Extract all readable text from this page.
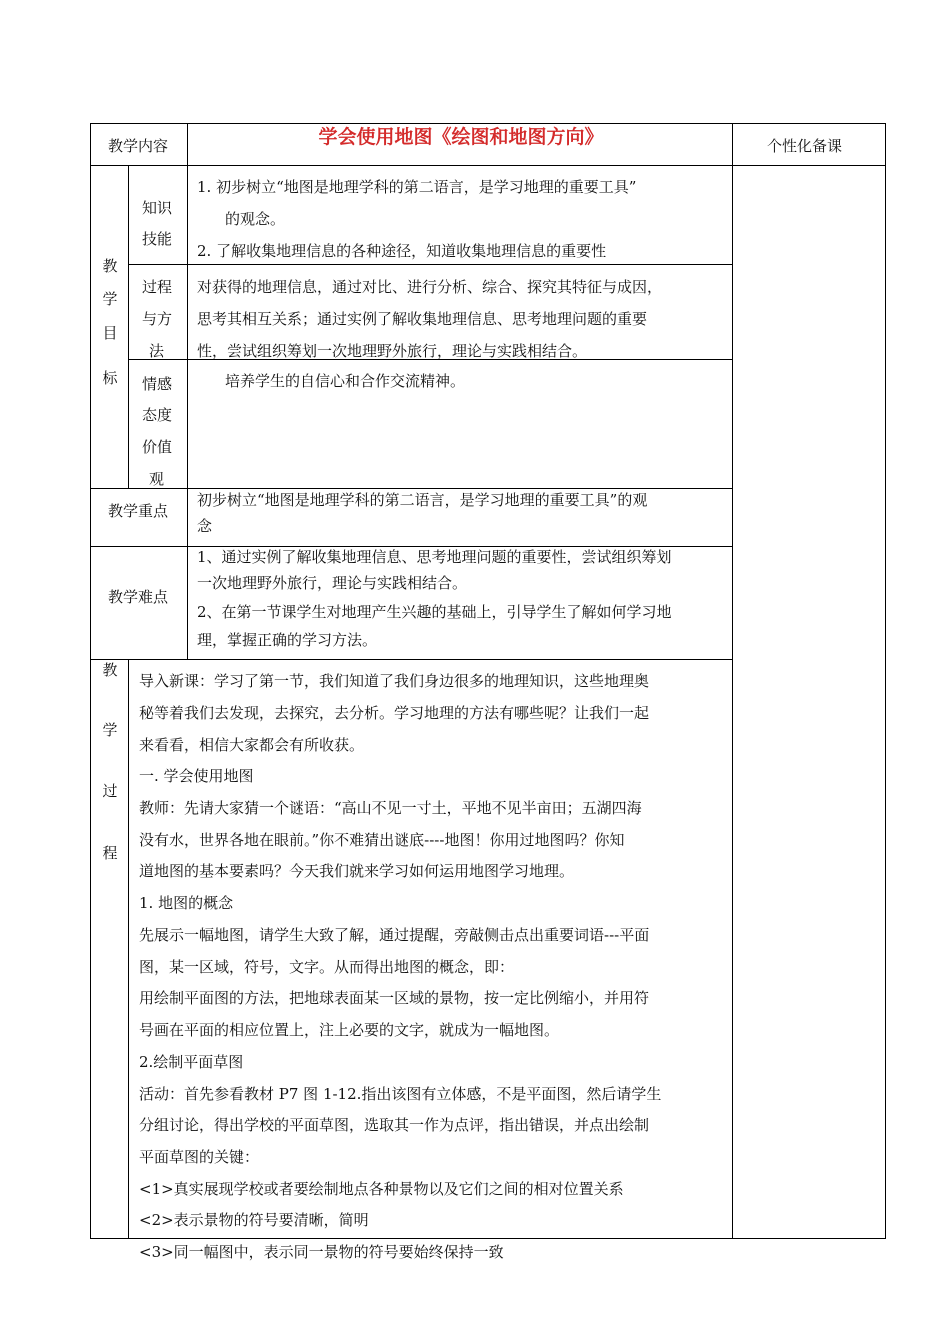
教学内容	学会使用地图《绘图和地图方向》	个性化备课
教
学
目
标
知识
技能
1. 初步树立“地图是地理学科的第二语言，是学习地理的重要工具”
的观念。
2. 了解收集地理信息的各种途径，知道收集地理信息的重要性
过程
与方
法
对获得的地理信息，通过对比、进行分析、综合、探究其特征与成因，
思考其相互关系；通过实例了解收集地理信息、思考地理问题的重要
性，尝试组织筹划一次地理野外旅行，理论与实践相结合。
情感
态度
价值
观
培养学生的自信心和合作交流精神。
教学重点
初步树立“地图是地理学科的第二语言，是学习地理的重要工具”的观
念
教学难点
1、通过实例了解收集地理信息、思考地理问题的重要性，尝试组织筹划
一次地理野外旅行，理论与实践相结合。
2、在第一节课学生对地理产生兴趣的基础上，引导学生了解如何学习地
理，掌握正确的学习方法。
教
学
过
程
导入新课：学习了第一节，我们知道了我们身边很多的地理知识，这些地理奥
秘等着我们去发现，去探究，去分析。学习地理的方法有哪些呢？让我们一起
来看看，相信大家都会有所收获。
一. 学会使用地图
教师：先请大家猜一个谜语：“高山不见一寸土，平地不见半亩田；五湖四海
没有水，世界各地在眼前。”你不难猜出谜底----地图！你用过地图吗？你知
道地图的基本要素吗？今天我们就来学习如何运用地图学习地理。
1. 地图的概念
先展示一幅地图，请学生大致了解，通过提醒，旁敲侧击点出重要词语---平面
图，某一区域，符号，文字。从而得出地图的概念，即：
用绘制平面图的方法，把地球表面某一区域的景物，按一定比例缩小，并用符
号画在平面的相应位置上，注上必要的文字，就成为一幅地图。
2.绘制平面草图
活动：首先参看教材 P7 图 1-12.指出该图有立体感，不是平面图，然后请学生
分组讨论，得出学校的平面草图，选取其一作为点评，指出错误，并点出绘制
平面草图的关键：
<1>真实展现学校或者要绘制地点各种景物以及它们之间的相对位置关系
<2>表示景物的符号要清晰，简明
<3>同一幅图中，表示同一景物的符号要始终保持一致
